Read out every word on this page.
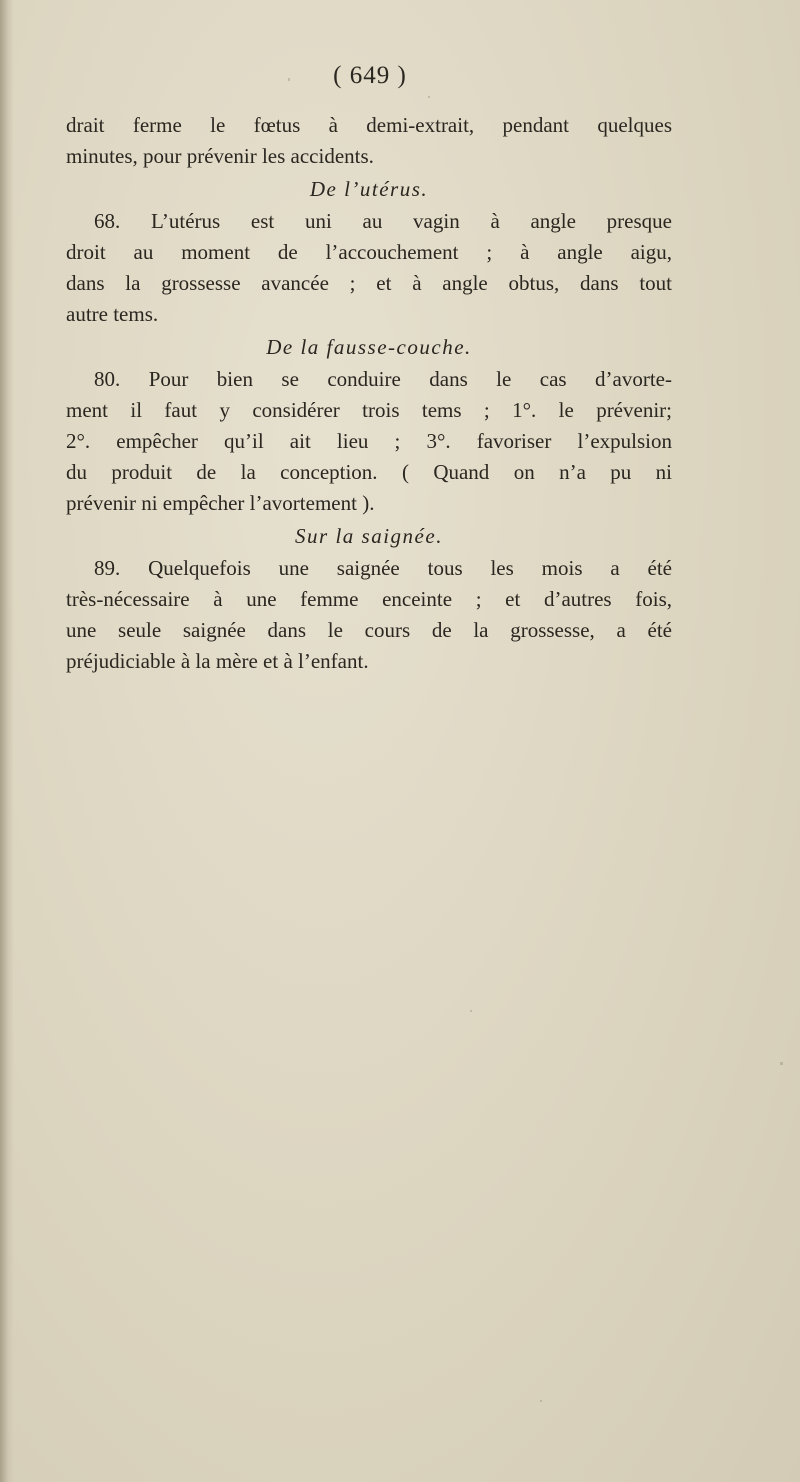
( 649 )
drait ferme le fœtus à demi-extrait, pendant quelques
minutes, pour prévenir les accidents.
De l’utérus.
68. L’utérus est uni au vagin à angle presque
droit au moment de l’accouchement ; à angle aigu,
dans la grossesse avancée ; et à angle obtus, dans tout
autre tems.
De la fausse-couche.
80. Pour bien se conduire dans le cas d’avorte-
ment il faut y considérer trois tems ; 1°. le prévenir;
2°. empêcher qu’il ait lieu ; 3°. favoriser l’expulsion
du produit de la conception. ( Quand on n’a pu ni
prévenir ni empêcher l’avortement ).
Sur la saignée.
89. Quelquefois une saignée tous les mois a été
très-nécessaire à une femme enceinte ; et d’autres fois,
une seule saignée dans le cours de la grossesse, a été
préjudiciable à la mère et à l’enfant.
